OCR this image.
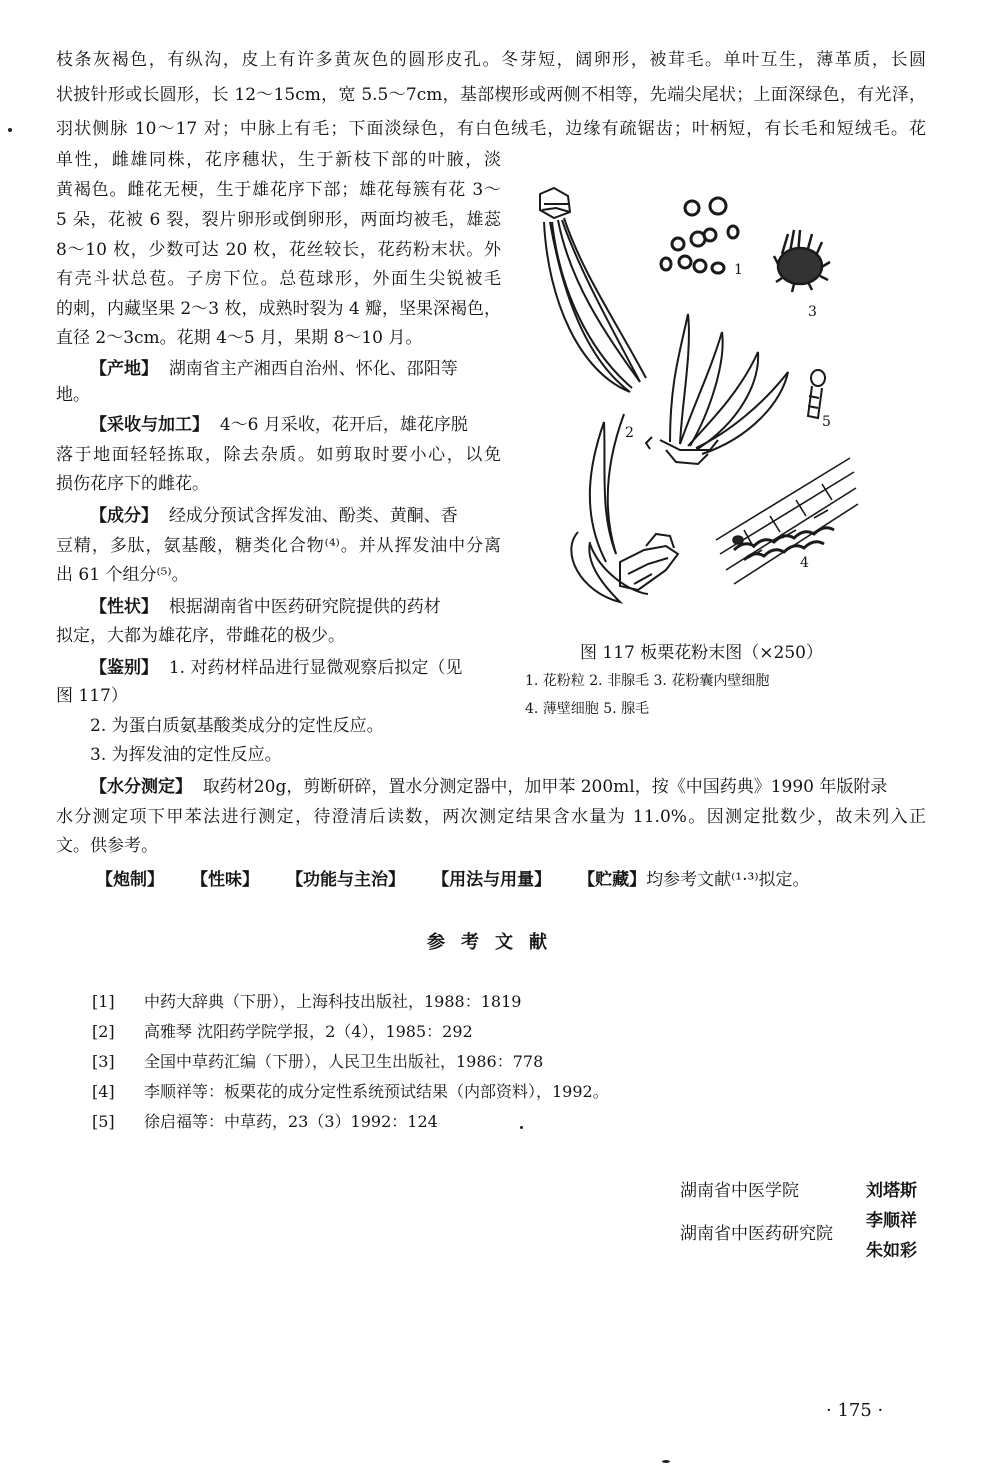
枝条灰褐色，有纵沟，皮上有许多黄灰色的圆形皮孔。冬芽短，阔卵形，被茸毛。单叶互生，薄革质，长圆
状披针形或长圆形，长 12～15cm，宽 5.5～7cm，基部楔形或两侧不相等，先端尖尾状；上面深绿色，有光泽，
羽状侧脉 10～17 对；中脉上有毛；下面淡绿色，有白色绒毛，边缘有疏锯齿；叶柄短，有长毛和短绒毛。花
单性，雌雄同株，花序穗状，生于新枝下部的叶腋，淡
黄褐色。雌花无梗，生于雄花序下部；雄花每簇有花 3～
5 朵，花被 6 裂，裂片卵形或倒卵形，两面均被毛，雄蕊
8～10 枚，少数可达 20 枚，花丝较长，花药粉末状。外
有壳斗状总苞。子房下位。总苞球形，外面生尖锐被毛
的刺，内藏坚果 2～3 枚，成熟时裂为 4 瓣，坚果深褐色，
直径 2～3cm。花期 4～5 月，果期 8～10 月。
【产地】 湖南省主产湘西自治州、怀化、邵阳等
地。
【采收与加工】 4～6 月采收，花开后，雄花序脱
落于地面轻轻拣取，除去杂质。如剪取时要小心，以免
损伤花序下的雌花。
【成分】 经成分预试含挥发油、酚类、黄酮、香
豆精，多肽，氨基酸，糖类化合物⁽⁴⁾。并从挥发油中分离
出 61 个组分⁽⁵⁾。
【性状】 根据湖南省中医药研究院提供的药材
拟定，大都为雄花序，带雌花的极少。
【鉴别】 1. 对药材样品进行显微观察后拟定（见
图 117）
2. 为蛋白质氨基酸类成分的定性反应。
3. 为挥发油的定性反应。
【水分测定】 取药材20g，剪断研碎，置水分测定器中，加甲苯 200ml，按《中国药典》1990 年版附录
水分测定项下甲苯法进行测定，待澄清后读数，两次测定结果含水量为 11.0%。因测定批数少，故未列入正
文。供参考。
【炮制】 【性味】 【功能与主治】 【用法与用量】 【贮藏】均参考文献⁽¹·³⁾拟定。
1
2
3
4
5
图 117 板栗花粉末图（×250）
1. 花粉粒 2. 非腺毛 3. 花粉囊内壁细胞
4. 薄壁细胞 5. 腺毛
参考文献
[1] 中药大辞典（下册），上海科技出版社，1988：1819
[2] 高雅琴 沈阳药学院学报，2（4），1985：292
[3] 全国中草药汇编（下册），人民卫生出版社，1986：778
[4] 李顺祥等：板栗花的成分定性系统预试结果（内部资料），1992。
[5] 徐启福等：中草药，23（3）1992：124
湖南省中医学院	刘塔斯
李顺祥
湖南省中医药研究院
朱如彩
· 175 ·
